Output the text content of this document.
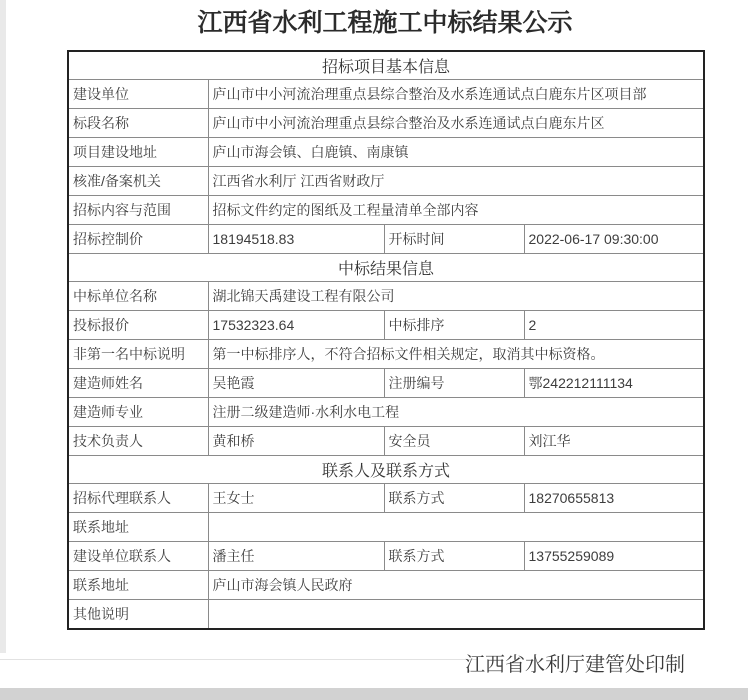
江西省水利工程施工中标结果公示
招标项目基本信息			
建设单位	庐山市中小河流治理重点县综合整治及水系连通试点白鹿东片区项目部		
标段名称	庐山市中小河流治理重点县综合整治及水系连通试点白鹿东片区		
项目建设地址	庐山市海会镇、白鹿镇、南康镇		
核准/备案机关	江西省水利厅 江西省财政厅		
招标内容与范围	招标文件约定的图纸及工程量清单全部内容		
招标控制价	18194518.83	开标时间	2022-06-17 09:30:00
中标结果信息			
中标单位名称	湖北锦天禹建设工程有限公司		
投标报价	17532323.64	中标排序	2
非第一名中标说明	第一中标排序人，不符合招标文件相关规定，取消其中标资格。		
建造师姓名	吴艳霞	注册编号	鄂242212111134
建造师专业	注册二级建造师·水利水电工程		
技术负责人	黄和桥	安全员	刘江华
联系人及联系方式			
招标代理联系人	王女士	联系方式	18270655813
联系地址			
建设单位联系人	潘主任	联系方式	13755259089
联系地址	庐山市海会镇人民政府		
其他说明			
江西省水利厅建管处印制
